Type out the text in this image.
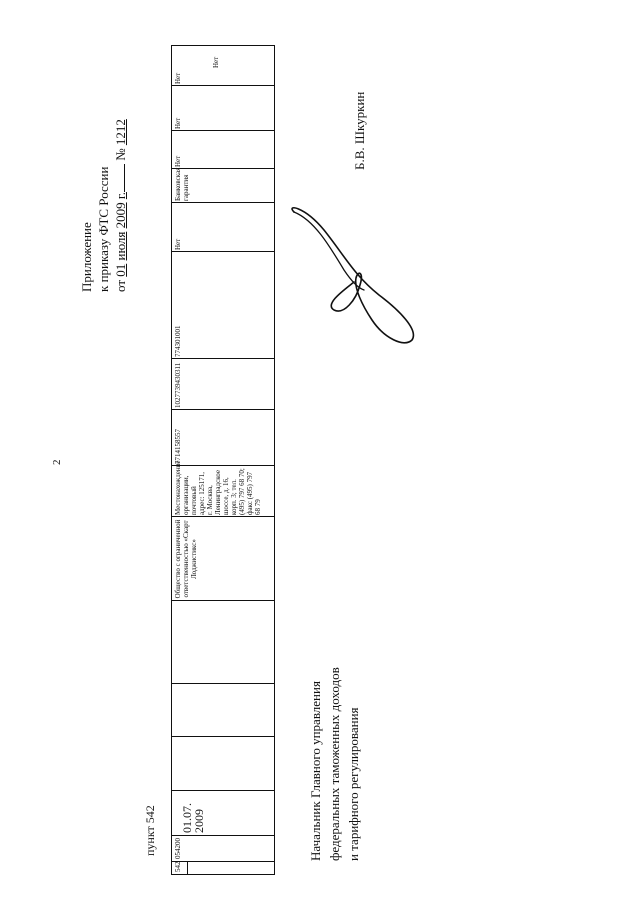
2
Приложение к приказу ФТС России от 01 июля 2009 г. № 1212
пункт 542
542
054200
01.07. 2009
Общество с ограниченной ответственностью «Скарт Лоджистикс»
Местонахождение организации, почтовый адрес: 125171, г. Москва, Ленинградское шоссе, д. 16, корп. 3; тел. (495) 797 68 70; факс (495) 797 68 79
7714158557
1027739430311
774301001
Нет
Банковская гарантия
Нет
Нет
Нет
Нет
Начальник Главного управления федеральных таможенных доходов и тарифного регулирования
Б.В. Шкуркин
